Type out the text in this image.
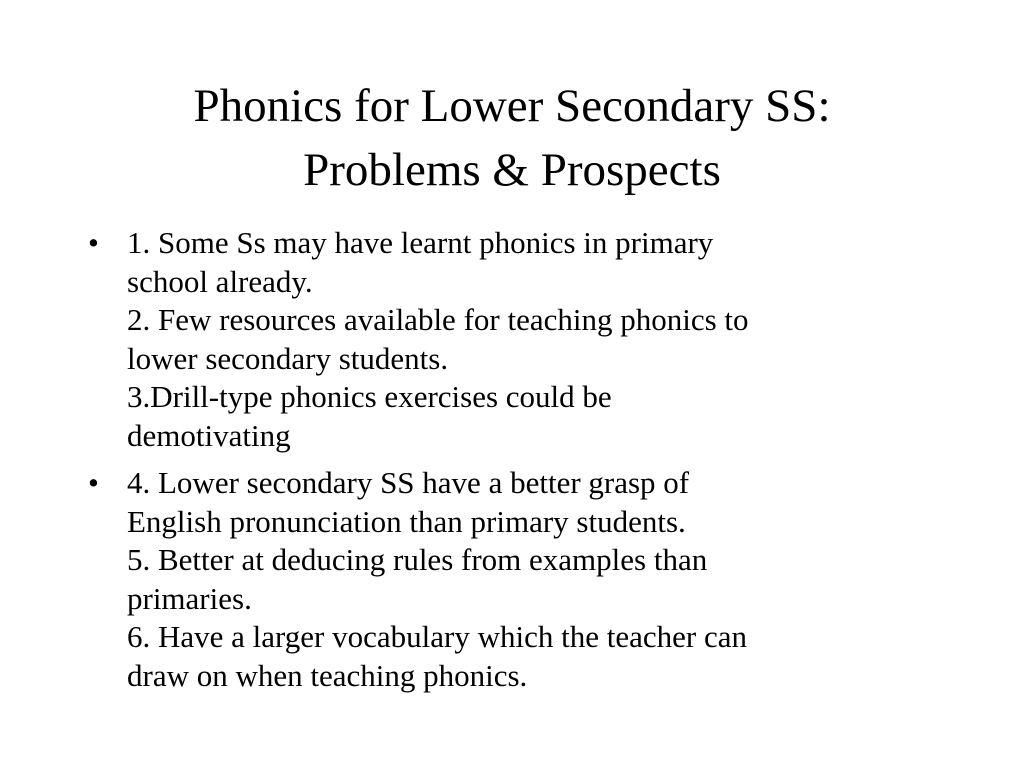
Phonics for Lower Secondary SS:
Problems & Prospects
• 1. Some Ss may have learnt phonics in primary
school already.
2. Few resources available for teaching phonics to
lower secondary students.
3.Drill-type phonics exercises could be
demotivating
• 4. Lower secondary SS have a better grasp of
English pronunciation than primary students.
5. Better at deducing rules from examples than
primaries.
6. Have a larger vocabulary which the teacher can
draw on when teaching phonics.
